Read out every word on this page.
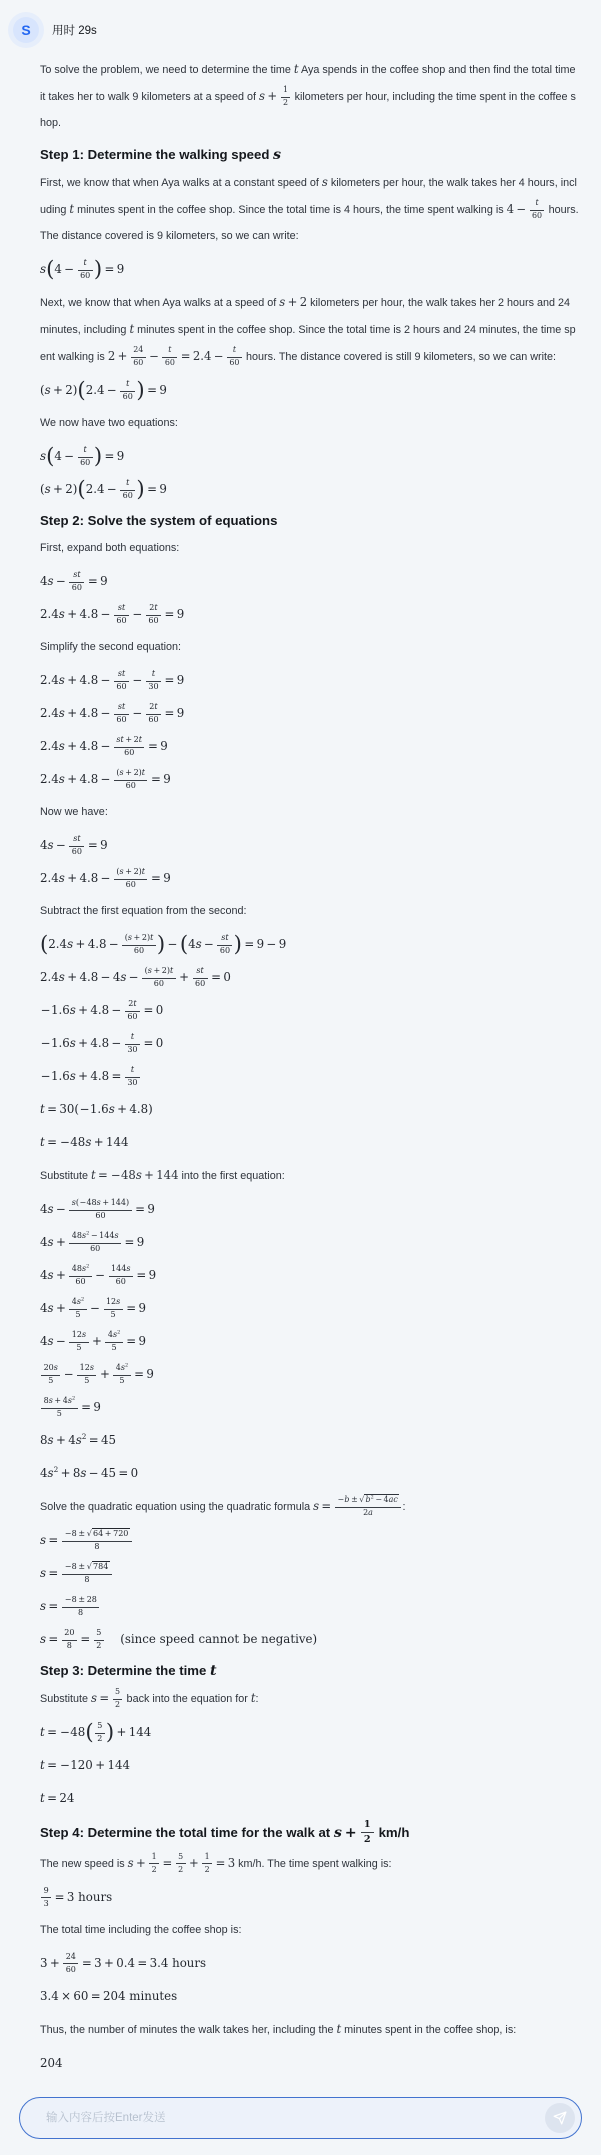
S	用时 29s
To solve the problem, we need to determine the time t Aya spends in the coffee shop and then find the total time it takes her to walk 9 kilometers at a speed of $s + \frac{1}{2}$ kilometers per hour, including the time spent in the coffee shop.
Step 1: Determine the walking speed s
First, we know that when Aya walks at a constant speed of s kilometers per hour, the walk takes her 4 hours, including t minutes spent in the coffee shop. Since the total time is 4 hours, the time spent walking is $4 - \frac{t}{60}$ hours.
The distance covered is 9 kilometers, so we can write:
$s(4 - \frac{t}{60}$ ) = 9
Next, we know that when Aya walks at a speed of s + 2 kilometers per hour, the walk takes her 2 hours and 24 minutes, including t minutes spent in the coffee shop. Since the total time is 2 hours and 24 minutes, the time spent walking is $2 + \frac{24}{60} - \frac{t}{60} = 2.4 - \frac{t}{60}$ hours. The distance covered is still 9 kilometers, so we can write:
$(s + 2)(2.4 - \frac{t}{60}$ ) = 9
We now have two equations:
$s(4 - \frac{t}{60}$ ) = 9
$(s + 2)(2.4 - \frac{t}{60}$ ) = 9
Step 2: Solve the system of equations
First, expand both equations:
$4s - \frac{st}{60} = 9$
$2.4s + 4.8 - \frac{st}{60} - \frac{2t}{60} = 9$
Simplify the second equation:
$2.4s + 4.8 - \frac{st}{60} - \frac{t}{30} = 9$
$2.4s + 4.8 - \frac{st}{60} - \frac{2t}{60} = 9$
$2.4s + 4.8 - \frac{st + 2t}{60} = 9$
$2.4s + 4.8 - \frac{(s + 2)t}{60} = 9$
Now we have:
$4s - \frac{st}{60} = 9$
$2.4s + 4.8 - \frac{(s + 2)t}{60} = 9$
Subtract the first equation from the second:
($2.4s + 4.8 - \frac{(s + 2)t}{60}$ ) − ($4s - \frac{st}{60}$ ) = 9 − 9
$2.4s + 4.8 - 4s - \frac{(s + 2)t}{60} + \frac{st}{60} = 0$
$-1.6s + 4.8 - \frac{2t}{60} = 0$
$-1.6s + 4.8 - \frac{t}{30} = 0$
$-1.6s + 4.8 = \frac{t}{30}$
t = 30(−1.6s + 4.8)
t = −48s + 144
Substitute t = −48s + 144 into the first equation:
$4s - \frac{s(-48s + 144)}{60} = 9$
$4s + \frac{48s^2 - 144s}{60} = 9$
$4s + \frac{48s^2}{60} - \frac{144s}{60} = 9$
$4s + \frac{4s^2}{5} - \frac{12s}{5} = 9$
$4s - \frac{12s}{5} + \frac{4s^2}{5} = 9$
$\frac{20s}{5} - \frac{12s}{5} + \frac{4s^2}{5} = 9$
$\frac{8s + 4s^2}{5} = 9$
$8s + 4s^2 = 45$
$4s^2 + 8s - 45 = 0$
Solve the quadratic equation using the quadratic formula $s = \frac{-b \pm √b^2 - 4ac}{2a}$ :
$s = \frac{-8 \pm √64 + 720}{8}$
$s = \frac{-8 \pm √784}{8}$
$s = \frac{-8 \pm 28}{8}$
$s = \frac{20}{8} = \frac{5}{2}$ (since speed cannot be negative)
Step 3: Determine the time t
Substitute $s = \frac{5}{2}$ back into the equation for t:
$t = -48( \frac{5}{2}$ ) + 144
t = −120 + 144
t = 24
Step 4: Determine the total time for the walk at $s + \frac{1}{2} km/h$
The new speed is $s + \frac{1}{2} = \frac{5}{2} + \frac{1}{2} = 3$ km/h. The time spent walking is:
$\frac{9}{3} = 3$ hours
The total time including the coffee shop is:
$3 + \frac{24}{60} = 3 + 0.4 = 3.4$ hours
3.4 × 60 = 204 minutes
Thus, the number of minutes the walk takes her, including the t minutes spent in the coffee shop, is:
204
输入内容后按Enter发送
